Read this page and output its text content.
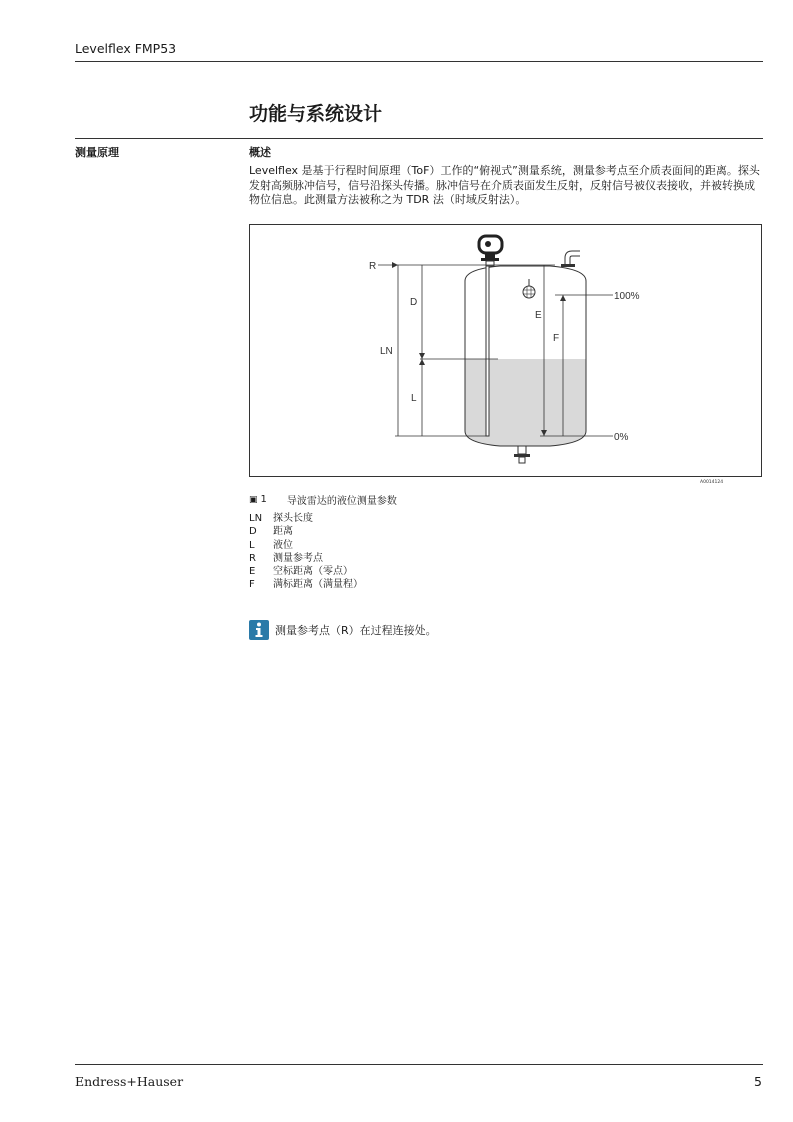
Levelflex FMP53
功能与系统设计
测量原理	概述
Levelflex 是基于行程时间原理（ToF）工作的“俯视式”测量系统，测量参考点至介质表面间的距离。探头发射高频脉冲信号，信号沿探头传播。脉冲信号在介质表面发生反射，反射信号被仪表接收，并被转换成物位信息。此测量方法被称之为 TDR 法（时域反射法）。
R
D
LN
L
E
F
100%
0%
A0014124
▣ 1 导波雷达的液位测量参数
LN	探头长度
D	距离
L	液位
R	测量参考点
E	空标距离（零点）
F	满标距离（满量程）
测量参考点（R）在过程连接处。
Endress+Hauser	5
